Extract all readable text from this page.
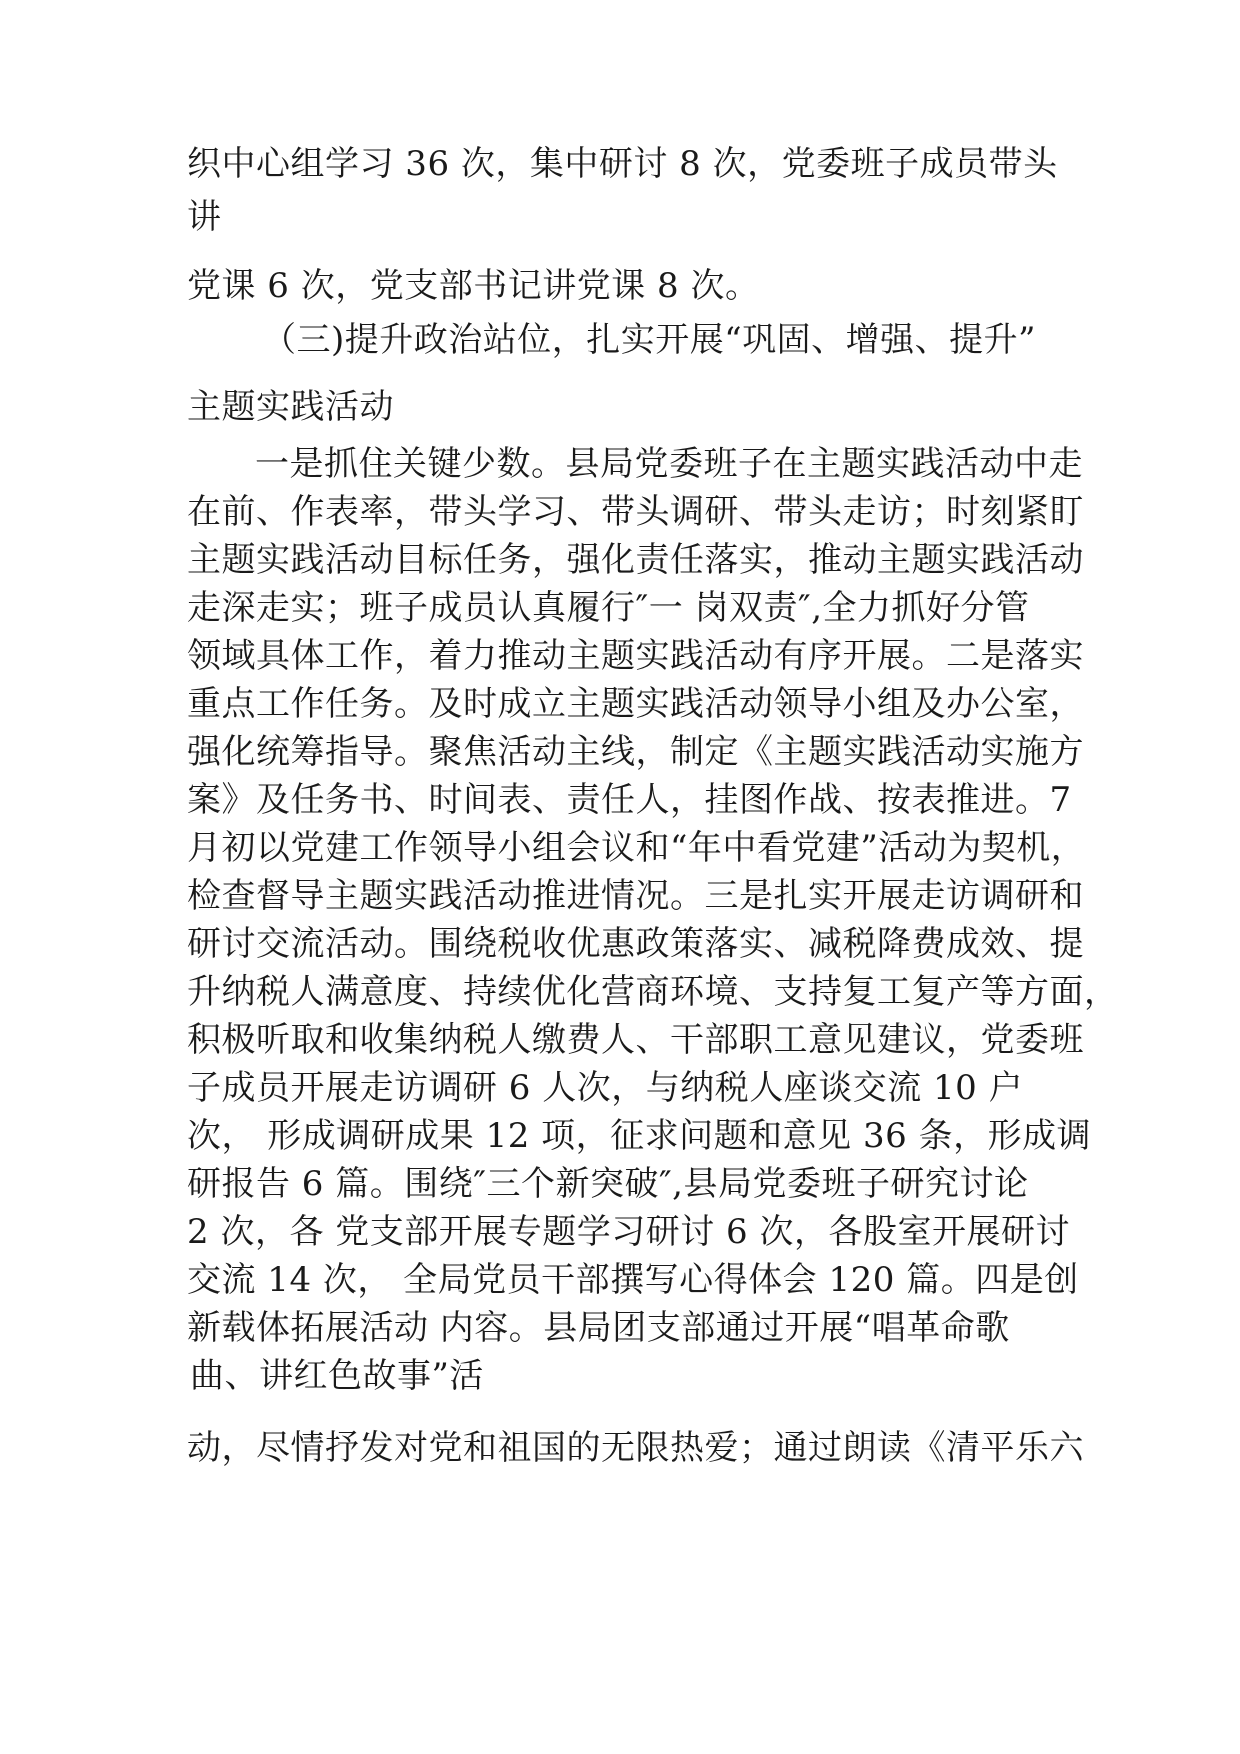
织中心组学习 36 次，集中研讨 8 次，党委班子成员带头

讲

党课 6 次，党支部书记讲党课 8 次。

（三)提升政治站位，扎实开展“巩固、增强、提升”

主题实践活动

一是抓住关键少数。县局党委班子在主题实践活动中走

在前、作表率，带头学习、带头调研、带头走访；时刻紧盯

主题实践活动目标任务，强化责任落实，推动主题实践活动

走深走实；班子成员认真履行″一 岗双责″,全力抓好分管

领域具体工作，着力推动主题实践活动有序开展。二是落实

重点工作任务。及时成立主题实践活动领导小组及办公室，

强化统筹指导。聚焦活动主线，制定《主题实践活动实施方

案》及任务书、时间表、责任人，挂图作战、按表推进。7

月初以党建工作领导小组会议和“年中看党建”活动为契机，

检查督导主题实践活动推进情况。三是扎实开展走访调研和

研讨交流活动。围绕税收优惠政策落实、减税降费成效、提

升纳税人满意度、持续优化营商环境、支持复工复产等方面，

积极听取和收集纳税人缴费人、干部职工意见建议，党委班

子成员开展走访调研 6 人次，与纳税人座谈交流 10 户

次， 形成调研成果 12 项，征求问题和意见 36 条，形成调

研报告 6 篇。围绕″三个新突破″,县局党委班子研究讨论

2 次，各 党支部开展专题学习研讨 6 次，各股室开展研讨

交流 14 次， 全局党员干部撰写心得体会 120 篇。四是创

新载体拓展活动 内容。县局团支部通过开展“唱革命歌

曲、讲红色故事”活

动，尽情抒发对党和祖国的无限热爱；通过朗读《清平乐六
